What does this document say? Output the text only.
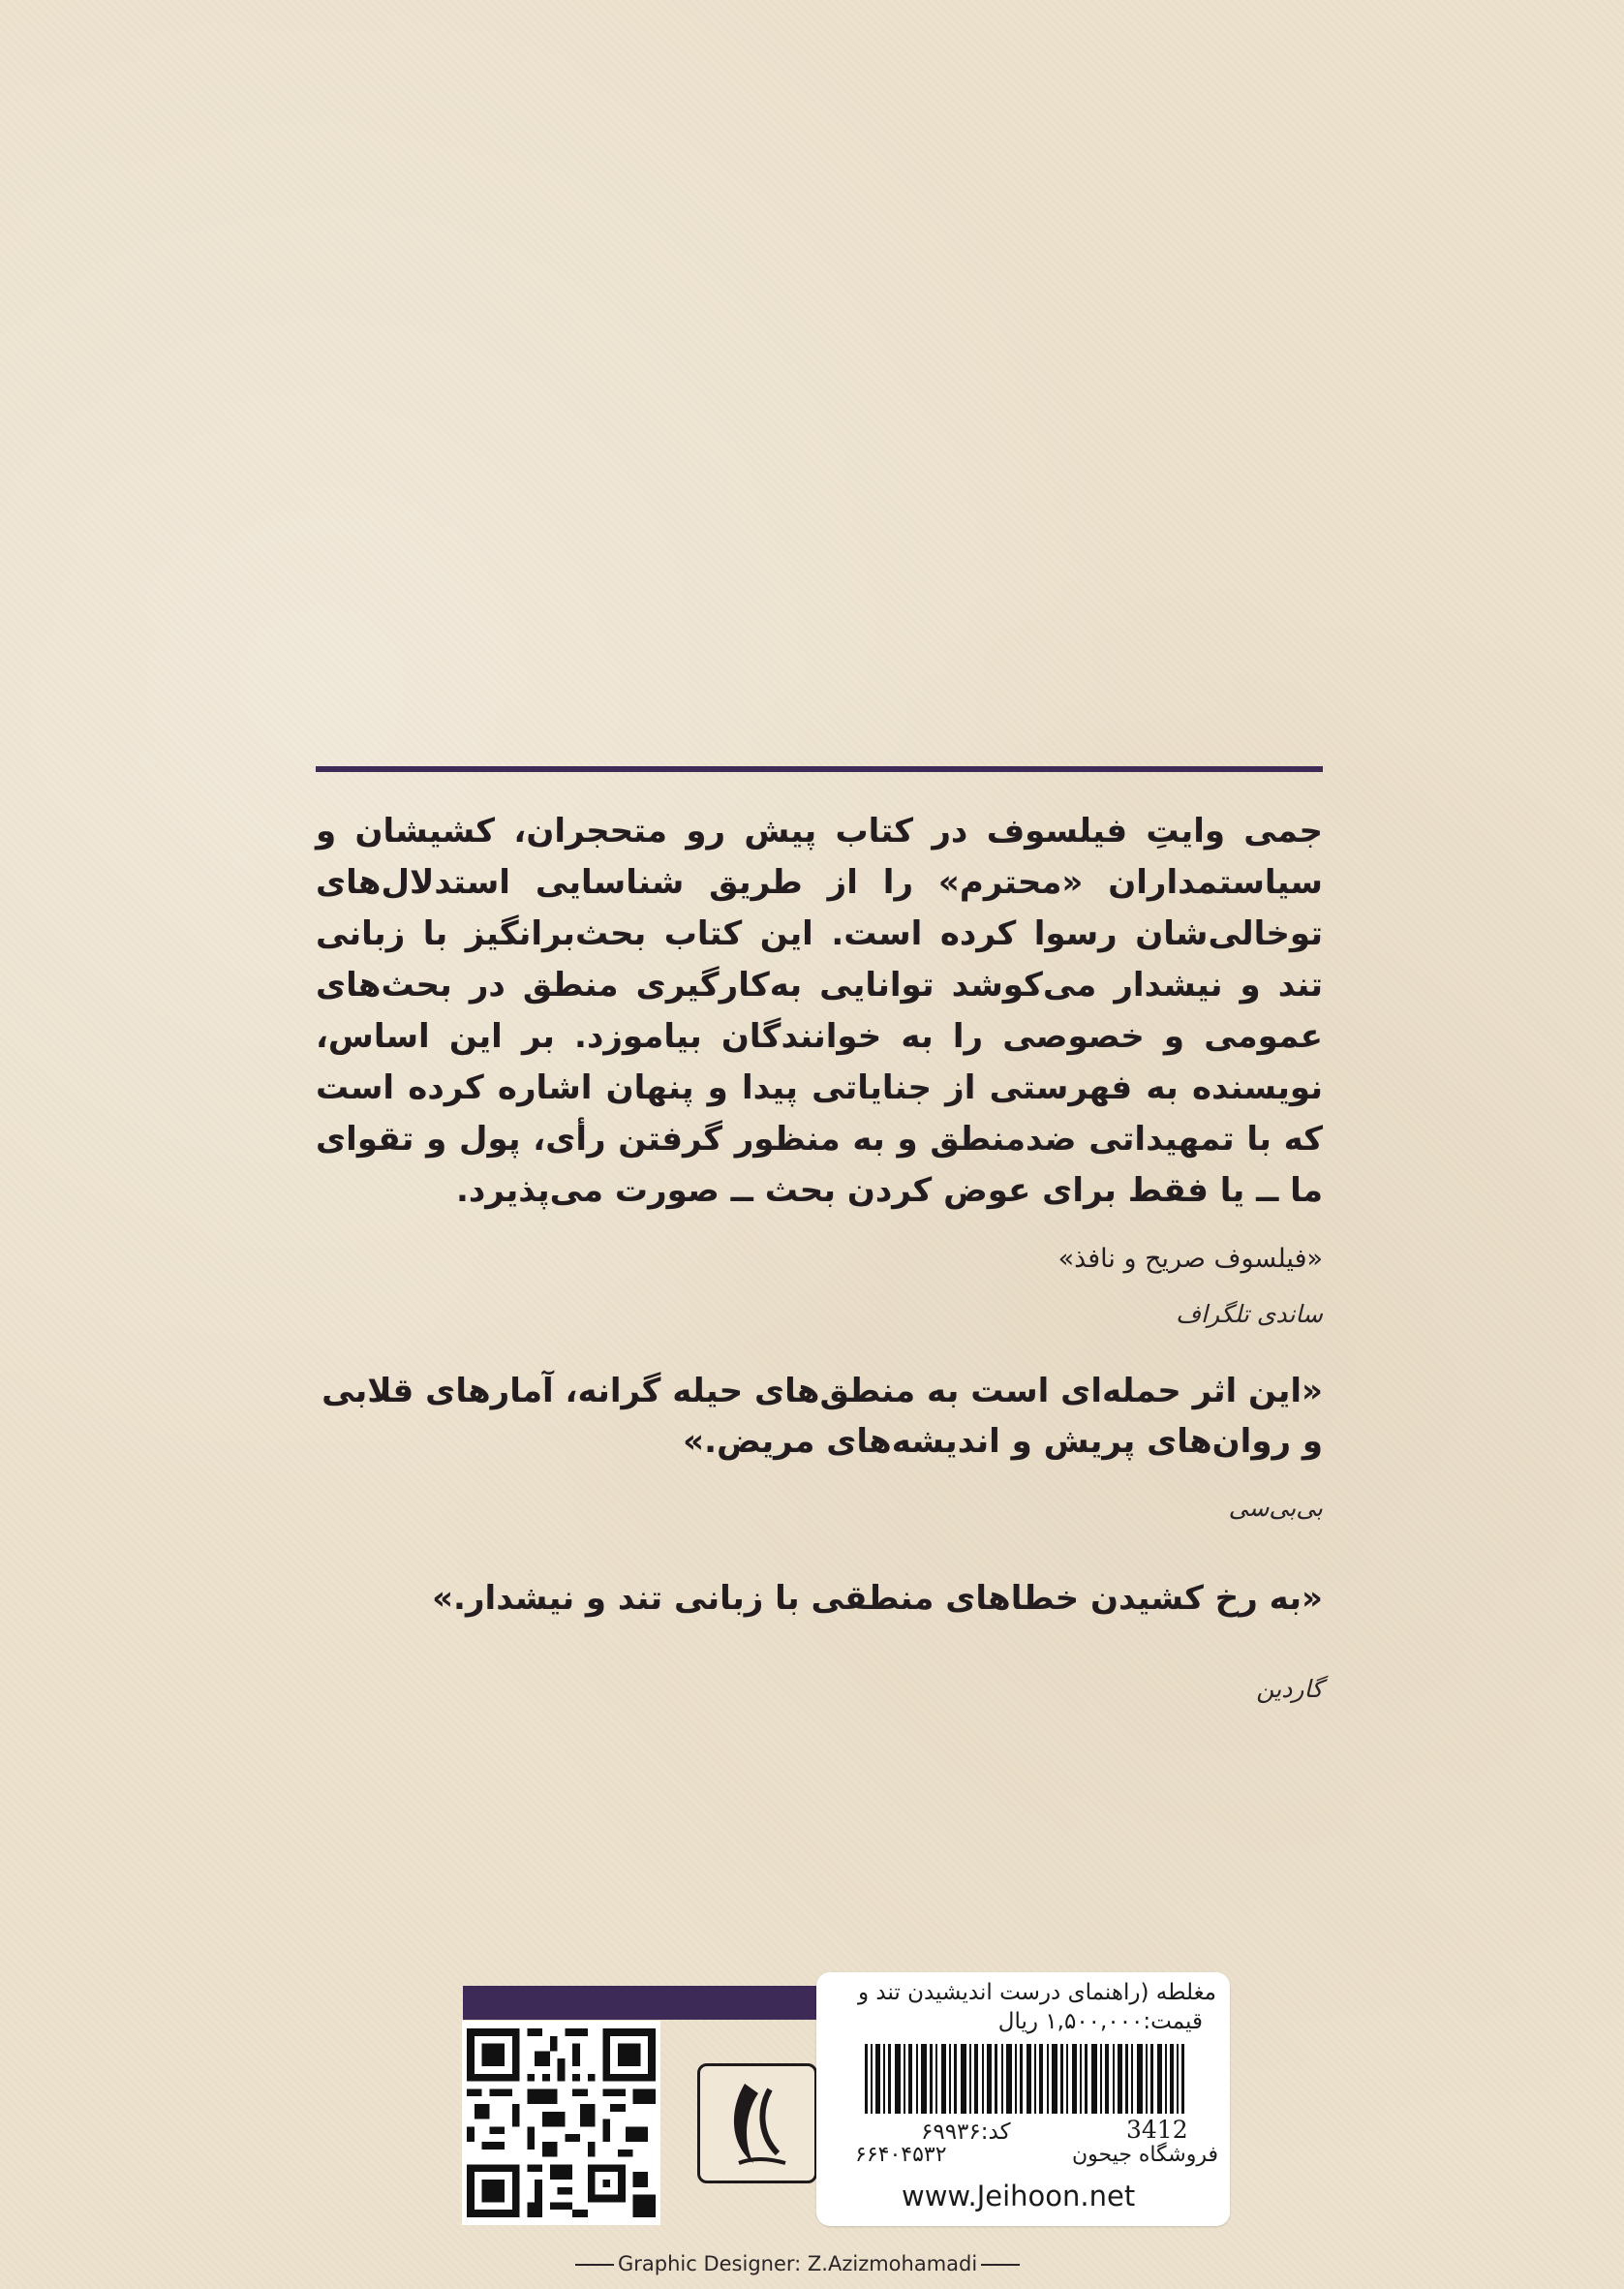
جمی وایتِ فیلسوف در کتاب پیش رو متحجران، کشیشان و سیاستمداران «محترم» را از طریق شناسایی استدلال‌های توخالی‌شان رسوا کرده است. این کتاب بحث‌برانگیز با زبانی تند و نیشدار می‌کوشد توانایی به‌کارگیری منطق در بحث‌های عمومی و خصوصی را به خوانندگان بیاموزد. بر این اساس، نویسنده به فهرستی از جنایاتی پیدا و پنهان اشاره کرده است که با تمهیداتی ضدمنطق و به منظور گرفتن رأی، پول و تقوای ما ــ یا فقط برای عوض کردن بحث ــ صورت می‌پذیرد.
«فیلسوف صریح و نافذ»
ساندی تلگراف
«این اثر حمله‌ای است به منطق‌های حیله گرانه، آمارهای قلابی و روان‌های پریش و اندیشه‌های مریض.»
بی‌بی‌سی
«به رخ کشیدن خطاهای منطقی با زبانی تند و نیشدار.»
گاردین
مغلطه (راهنمای درست اندیشیدن تند و
قیمت:۱,۵۰۰,۰۰۰ ریال
3412
کد:۶۹۹۳۶
۶۶۴۰۴۵۳۲	فروشگاه جیحون
www.Jeihoon.net
Graphic Designer: Z.Azizmohamadi
